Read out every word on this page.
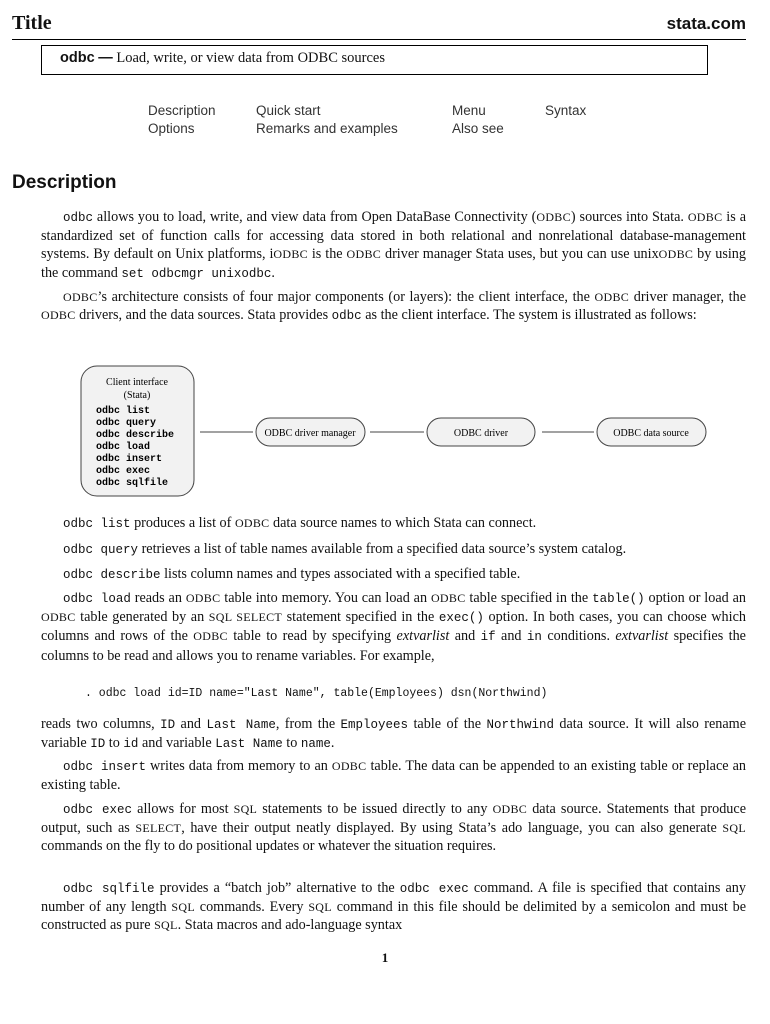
Title	stata.com
odbc — Load, write, or view data from ODBC sources
Description	Quick start	Menu	Syntax
Options	Remarks and examples	Also see
Description

odbc allows you to load, write, and view data from Open DataBase Connectivity (ODBC) sources into Stata. ODBC is a standardized set of function calls for accessing data stored in both relational and nonrelational database-management systems. By default on Unix platforms, iODBC is the ODBC driver manager Stata uses, but you can use unixODBC by using the command set odbcmgr unixodbc.

ODBC’s architecture consists of four major components (or layers): the client interface, the ODBC driver manager, the ODBC drivers, and the data sources. Stata provides odbc as the client interface. The system is illustrated as follows:

Client interface
(Stata)
odbc list
odbc query
odbc describe
odbc load
odbc insert
odbc exec
odbc sqlfile
ODBC driver manager	ODBC driver	ODBC data source

odbc list produces a list of ODBC data source names to which Stata can connect.

odbc query retrieves a list of table names available from a specified data source’s system catalog.

odbc describe lists column names and types associated with a specified table.

odbc load reads an ODBC table into memory. You can load an ODBC table specified in the table() option or load an ODBC table generated by an SQL SELECT statement specified in the exec() option. In both cases, you can choose which columns and rows of the ODBC table to read by specifying extvarlist and if and in conditions. extvarlist specifies the columns to be read and allows you to rename variables. For example,

. odbc load id=ID name="Last Name", table(Employees) dsn(Northwind)

reads two columns, ID and Last Name, from the Employees table of the Northwind data source. It will also rename variable ID to id and variable Last Name to name.

odbc insert writes data from memory to an ODBC table. The data can be appended to an existing table or replace an existing table.

odbc exec allows for most SQL statements to be issued directly to any ODBC data source. Statements that produce output, such as SELECT, have their output neatly displayed. By using Stata’s ado language, you can also generate SQL commands on the fly to do positional updates or whatever the situation requires.

odbc sqlfile provides a “batch job” alternative to the odbc exec command. A file is specified that contains any number of any length SQL commands. Every SQL command in this file should be delimited by a semicolon and must be constructed as pure SQL. Stata macros and ado-language syntax

1
